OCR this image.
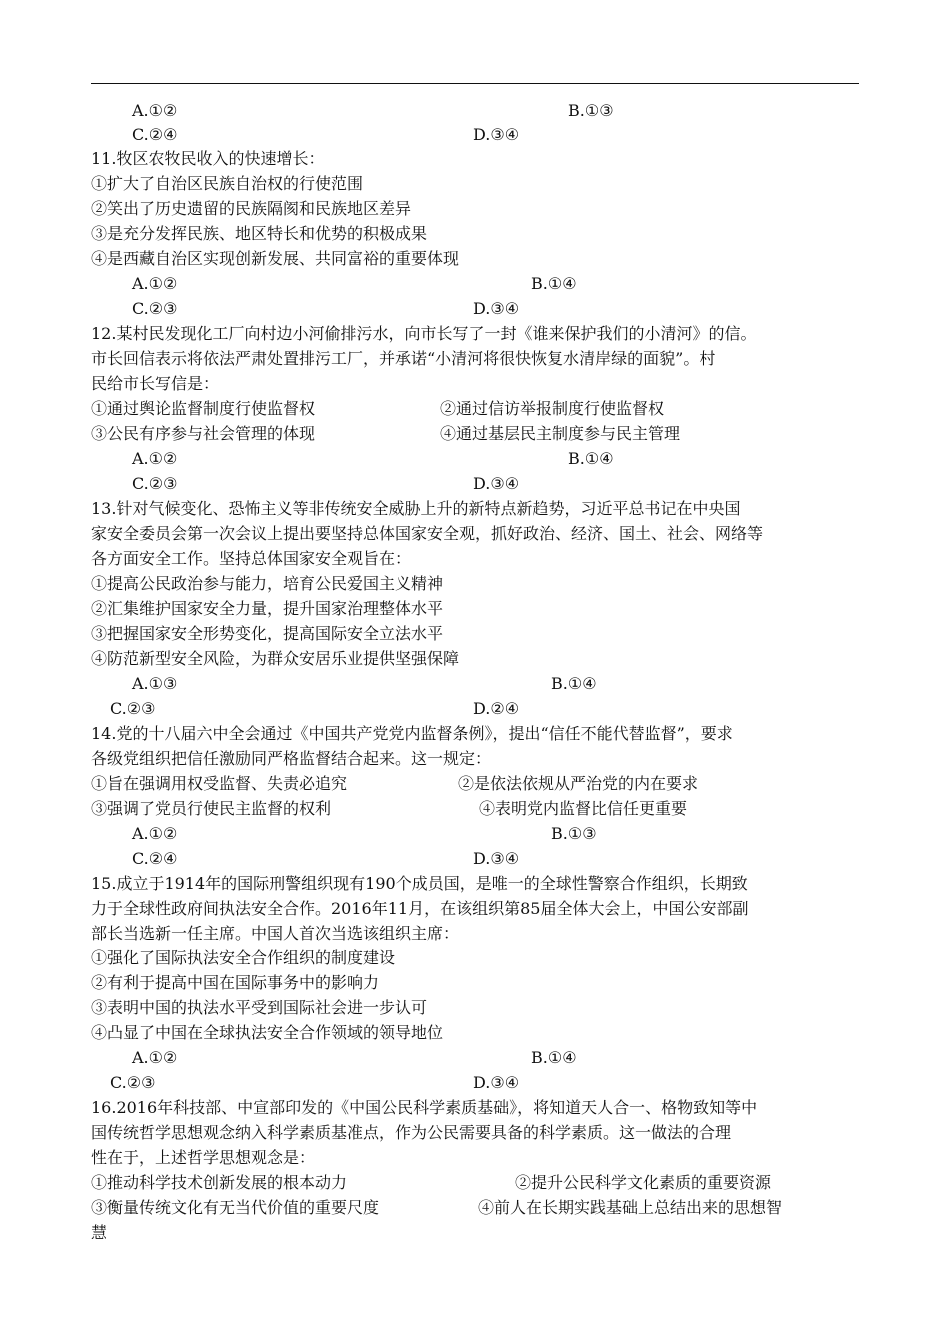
A.①②	B.①③
C.②④	D.③④
11.牧区农牧民收入的快速增长：
①扩大了自治区民族自治权的行使范围
②笑出了历史遗留的民族隔阂和民族地区差异
③是充分发挥民族、地区特长和优势的积极成果
④是西藏自治区实现创新发展、共同富裕的重要体现
A.①②	B.①④
C.②③	D.③④
12.某村民发现化工厂向村边小河偷排污水，向市长写了一封《谁来保护我们的小清河》的信。
市长回信表示将依法严肃处置排污工厂，并承诺“小清河将很快恢复水清岸绿的面貌”。村
民给市长写信是：
①通过舆论监督制度行使监督权	②通过信访举报制度行使监督权
③公民有序参与社会管理的体现	④通过基层民主制度参与民主管理
A.①②	B.①④
C.②③	D.③④
13.针对气候变化、恐怖主义等非传统安全威胁上升的新特点新趋势，习近平总书记在中央国
家安全委员会第一次会议上提出要坚持总体国家安全观，抓好政治、经济、国土、社会、网络等
各方面安全工作。坚持总体国家安全观旨在：
①提高公民政治参与能力，培育公民爱国主义精神
②汇集维护国家安全力量，提升国家治理整体水平
③把握国家安全形势变化，提高国际安全立法水平
④防范新型安全风险，为群众安居乐业提供坚强保障
A.①③	B.①④
C.②③	D.②④
14.党的十八届六中全会通过《中国共产党党内监督条例》，提出“信任不能代替监督”，要求
各级党组织把信任激励同严格监督结合起来。这一规定：
①旨在强调用权受监督、失责必追究	②是依法依规从严治党的内在要求
③强调了党员行使民主监督的权利	④表明党内监督比信任更重要
A.①②	B.①③
C.②④	D.③④
15.成立于1914年的国际刑警组织现有190个成员国，是唯一的全球性警察合作组织，长期致
力于全球性政府间执法安全合作。2016年11月，在该组织第85届全体大会上，中国公安部副
部长当选新一任主席。中国人首次当选该组织主席：
①强化了国际执法安全合作组织的制度建设
②有利于提高中国在国际事务中的影响力
③表明中国的执法水平受到国际社会进一步认可
④凸显了中国在全球执法安全合作领域的领导地位
A.①②	B.①④
C.②③	D.③④
16.2016年科技部、中宣部印发的《中国公民科学素质基础》，将知道天人合一、格物致知等中
国传统哲学思想观念纳入科学素质基准点，作为公民需要具备的科学素质。这一做法的合理
性在于，上述哲学思想观念是：
①推动科学技术创新发展的根本动力	②提升公民科学文化素质的重要资源
③衡量传统文化有无当代价值的重要尺度	④前人在长期实践基础上总结出来的思想智
慧
